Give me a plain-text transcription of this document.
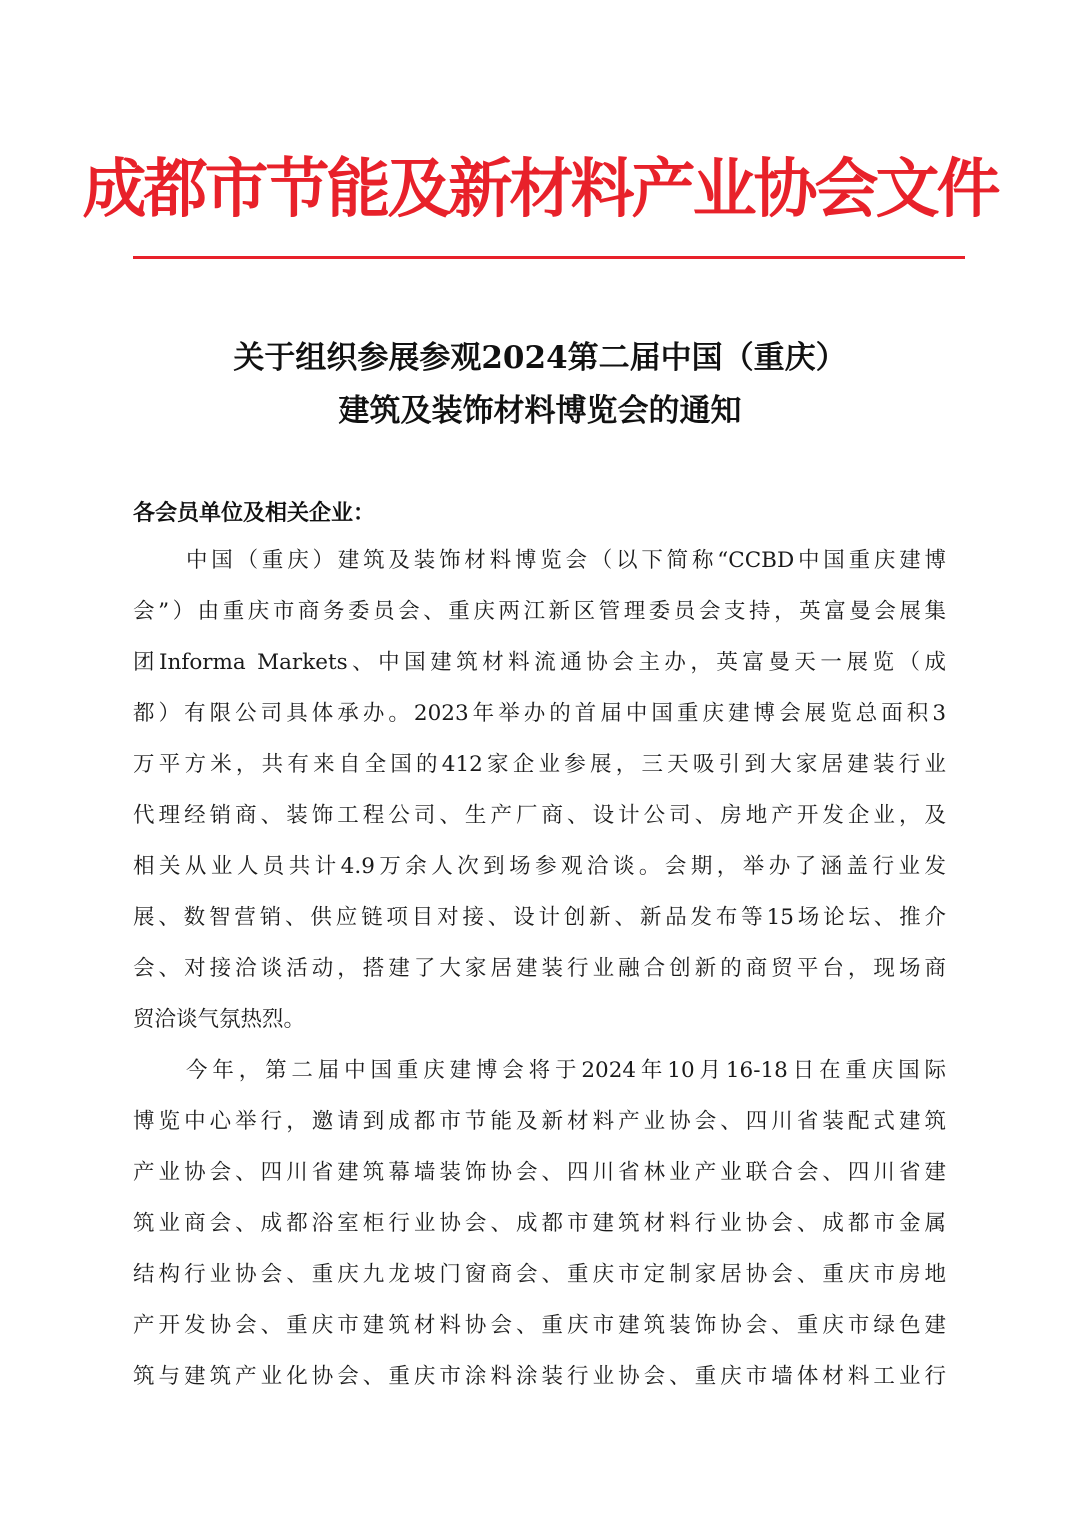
成都市节能及新材料产业协会文件
关于组织参展参观2024第二届中国（重庆）
建筑及装饰材料博览会的通知
各会员单位及相关企业：
中国（重庆）建筑及装饰材料博览会（以下简称“CCBD中国重庆建博
会”）由重庆市商务委员会、重庆两江新区管理委员会支持，英富曼会展集
团Informa Markets、中国建筑材料流通协会主办，英富曼天一展览（成
都）有限公司具体承办。2023年举办的首届中国重庆建博会展览总面积3
万平方米，共有来自全国的412家企业参展，三天吸引到大家居建装行业
代理经销商、装饰工程公司、生产厂商、设计公司、房地产开发企业，及
相关从业人员共计4.9万余人次到场参观洽谈。会期，举办了涵盖行业发
展、数智营销、供应链项目对接、设计创新、新品发布等15场论坛、推介
会、对接洽谈活动，搭建了大家居建装行业融合创新的商贸平台，现场商
贸洽谈气氛热烈。
今年，第二届中国重庆建博会将于2024年10月16-18日在重庆国际
博览中心举行，邀请到成都市节能及新材料产业协会、四川省装配式建筑
产业协会、四川省建筑幕墙装饰协会、四川省林业产业联合会、四川省建
筑业商会、成都浴室柜行业协会、成都市建筑材料行业协会、成都市金属
结构行业协会、重庆九龙坡门窗商会、重庆市定制家居协会、重庆市房地
产开发协会、重庆市建筑材料协会、重庆市建筑装饰协会、重庆市绿色建
筑与建筑产业化协会、重庆市涂料涂装行业协会、重庆市墙体材料工业行
